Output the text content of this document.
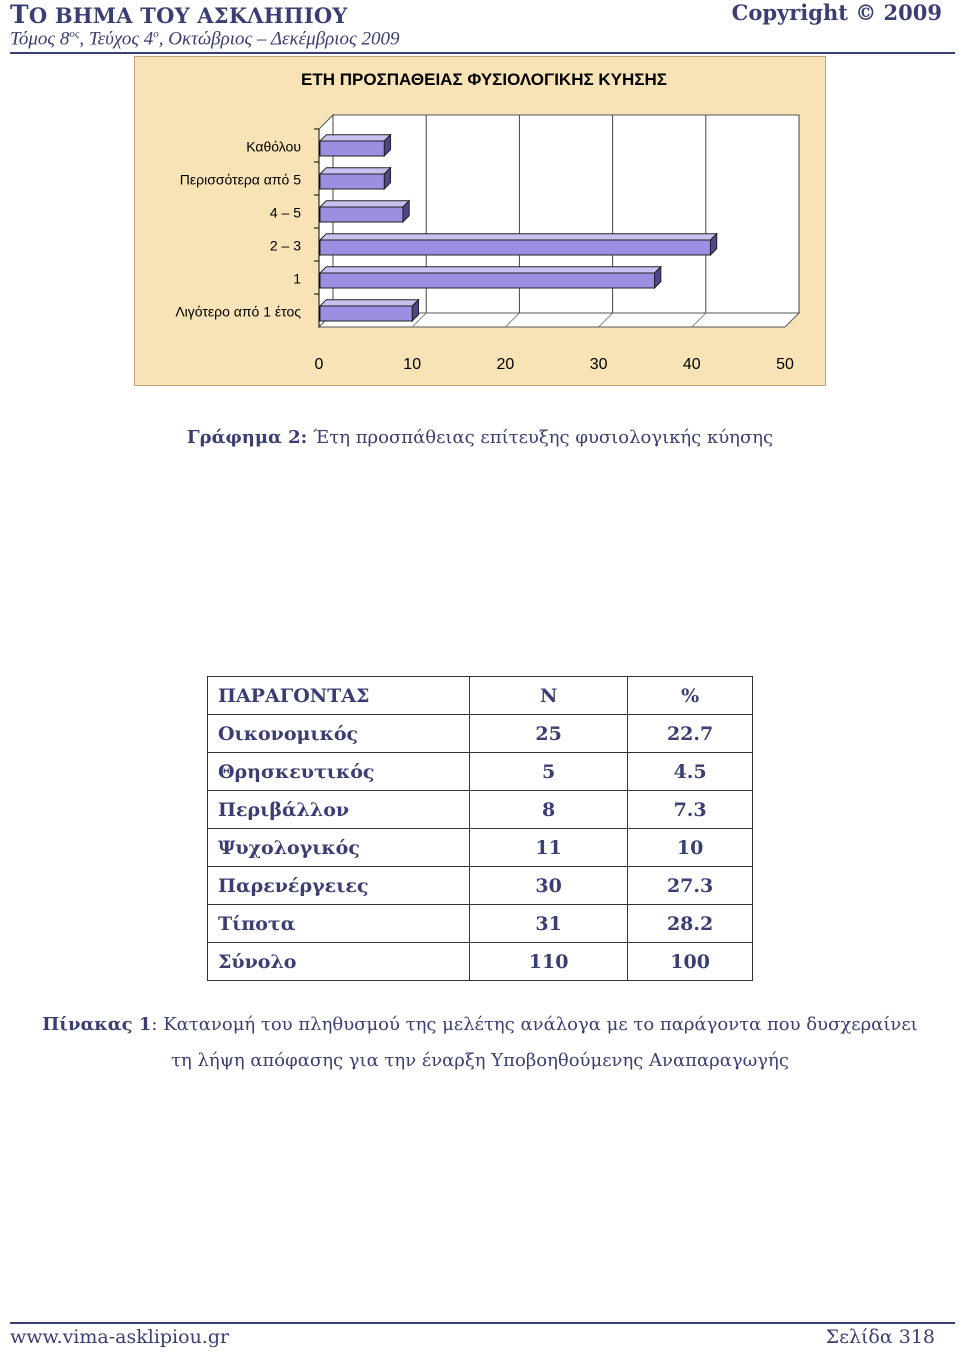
ΤΟ ΒΗΜΑ ΤΟΥ ΑΣΚΛΗΠΙΟΥ	Copyright © 2009
Τόμος $8^{o\varsigma}$, Τεύχος $4^o$, Οκτώβριος – Δεκέμβριος 2009
ΕΤΗ ΠΡΟΣΠΑΘΕΙΑΣ ΦΥΣΙΟΛΟΓΙΚΗΣ ΚΥΗΣΗΣ
0	10	20	30	40	50
Καθόλου
Περισσότερα από 5
4 – 5
2 – 3
1
Λιγότερο από 1 έτος
Γράφημα 2: Έτη προσπάθειας επίτευξης φυσιολογικής κύησης
ΠΑΡΑΓΟΝΤΑΣ	Ν	%
Οικονομικός	25	22.7
Θρησκευτικός	5	4.5
Περιβάλλον	8	7.3
Ψυχολογικός	11	10
Παρενέργειες	30	27.3
Τίποτα	31	28.2
Σύνολο	110	100
Πίνακας 1: Κατανομή του πληθυσμού της μελέτης ανάλογα με το παράγοντα που δυσχεραίνει
τη λήψη απόφασης για την έναρξη Υποβοηθούμενης Αναπαραγωγής
www.vima-asklipiou.gr	Σελίδα 318
